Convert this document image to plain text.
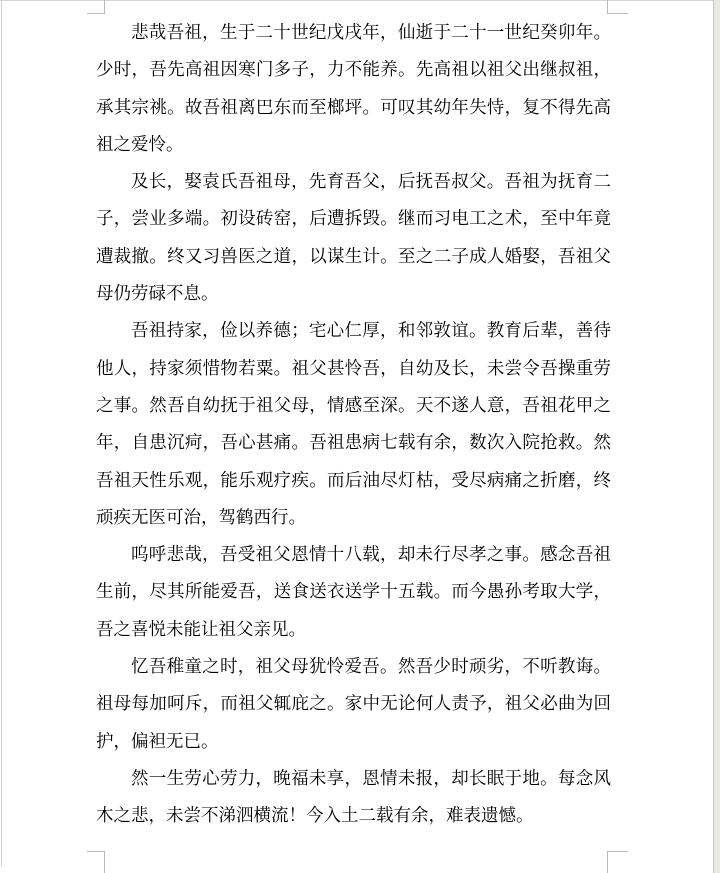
悲哉吾祖，生于二十世纪戊戌年，仙逝于二十一世纪癸卯年。少时，吾先高祖因寒门多子，力不能养。先高祖以祖父出继叔祖，承其宗祧。故吾祖离巴东而至榔坪。可叹其幼年失恃，复不得先高祖之爱怜。

及长，娶袁氏吾祖母，先育吾父，后抚吾叔父。吾祖为抚育二子，尝业多端。初设砖窑，后遭拆毁。继而习电工之术，至中年竟遭裁撤。终又习兽医之道，以谋生计。至之二子成人婚娶，吾祖父母仍劳碌不息。

吾祖持家，俭以养德；宅心仁厚，和邻敦谊。教育后辈，善待他人，持家须惜物若粟。祖父甚怜吾，自幼及长，未尝令吾操重劳之事。然吾自幼抚于祖父母，情感至深。天不遂人意，吾祖花甲之年，自患沉疴，吾心甚痛。吾祖患病七载有余，数次入院抢救。然吾祖天性乐观，能乐观疗疾。而后油尽灯枯，受尽病痛之折磨，终顽疾无医可治，驾鹤西行。

呜呼悲哉，吾受祖父恩情十八载，却未行尽孝之事。感念吾祖生前，尽其所能爱吾，送食送衣送学十五载。而今愚孙考取大学，吾之喜悦未能让祖父亲见。

忆吾稚童之时，祖父母犹怜爱吾。然吾少时顽劣，不听教诲。祖母每加呵斥，而祖父辄庇之。家中无论何人责予，祖父必曲为回护，偏袒无已。

然一生劳心劳力，晚福未享，恩情未报，却长眠于地。每念风木之悲，未尝不涕泗横流！今入土二载有余，难表遗憾。
